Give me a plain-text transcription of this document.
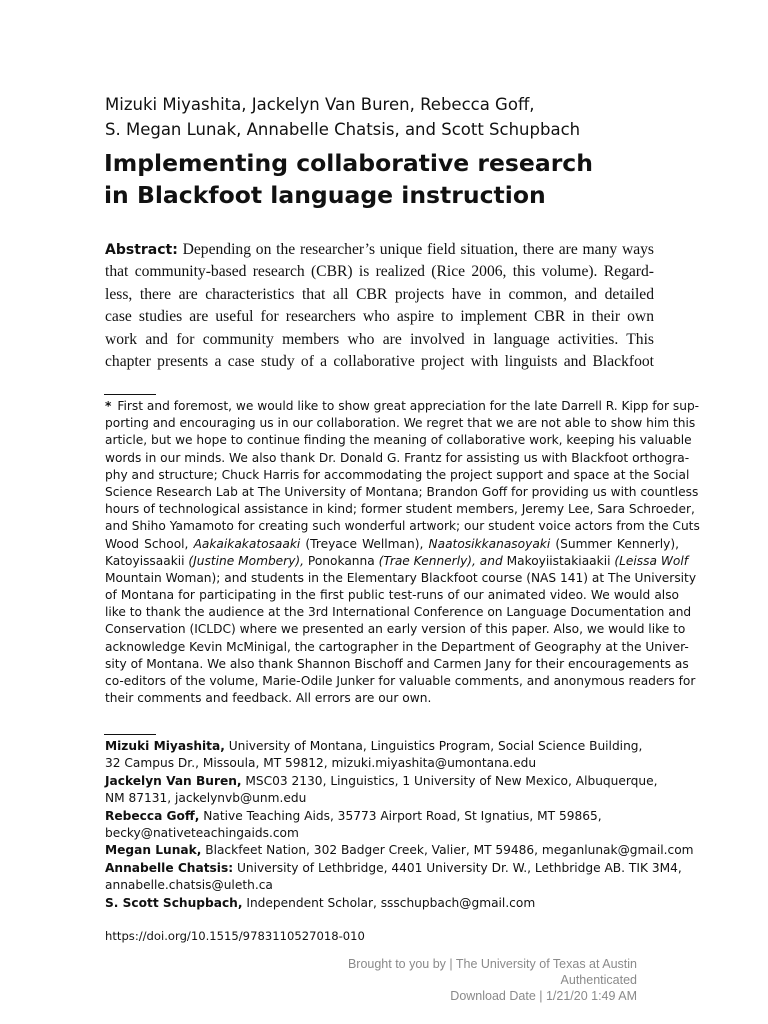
Mizuki Miyashita, Jackelyn Van Buren, Rebecca Goff,
S. Megan Lunak, Annabelle Chatsis, and Scott Schupbach
Implementing collaborative research
in Blackfoot language instruction
Abstract: Depending on the researcher’s unique field situation, there are many ways
that community-based research (CBR) is realized (Rice 2006, this volume). Regard-
less, there are characteristics that all CBR projects have in common, and detailed
case studies are useful for researchers who aspire to implement CBR in their own
work and for community members who are involved in language activities. This
chapter presents a case study of a collaborative project with linguists and Blackfoot
* First and foremost, we would like to show great appreciation for the late Darrell R. Kipp for sup-
porting and encouraging us in our collaboration. We regret that we are not able to show him this
article, but we hope to continue finding the meaning of collaborative work, keeping his valuable
words in our minds. We also thank Dr. Donald G. Frantz for assisting us with Blackfoot orthogra-
phy and structure; Chuck Harris for accommodating the project support and space at the Social
Science Research Lab at The University of Montana; Brandon Goff for providing us with countless
hours of technological assistance in kind; former student members, Jeremy Lee, Sara Schroeder,
and Shiho Yamamoto for creating such wonderful artwork; our student voice actors from the Cuts
Wood School, Aakaikakatosaaki (Treyace Wellman), Naatosikkanasoyaki (Summer Kennerly),
Katoyissaakii (Justine Mombery), Ponokanna (Trae Kennerly), and Makoyiistakiaakii (Leissa Wolf
Mountain Woman); and students in the Elementary Blackfoot course (NAS 141) at The University
of Montana for participating in the first public test-runs of our animated video. We would also
like to thank the audience at the 3rd International Conference on Language Documentation and
Conservation (ICLDC) where we presented an early version of this paper. Also, we would like to
acknowledge Kevin McMinigal, the cartographer in the Department of Geography at the Univer-
sity of Montana. We also thank Shannon Bischoff and Carmen Jany for their encouragements as
co-editors of the volume, Marie-Odile Junker for valuable comments, and anonymous readers for
their comments and feedback. All errors are our own.
Mizuki Miyashita, University of Montana, Linguistics Program, Social Science Building,
32 Campus Dr., Missoula, MT 59812, mizuki.miyashita@umontana.edu
Jackelyn Van Buren, MSC03 2130, Linguistics, 1 University of New Mexico, Albuquerque,
NM 87131, jackelynvb@unm.edu
Rebecca Goff, Native Teaching Aids, 35773 Airport Road, St Ignatius, MT 59865,
becky@nativeteachingaids.com
Megan Lunak, Blackfeet Nation, 302 Badger Creek, Valier, MT 59486, meganlunak@gmail.com
Annabelle Chatsis: University of Lethbridge, 4401 University Dr. W., Lethbridge AB. TIK 3M4,
annabelle.chatsis@uleth.ca
S. Scott Schupbach, Independent Scholar, ssschupbach@gmail.com
https://doi.org/10.1515/9783110527018-010
Brought to you by | The University of Texas at Austin
Authenticated
Download Date | 1/21/20 1:49 AM
